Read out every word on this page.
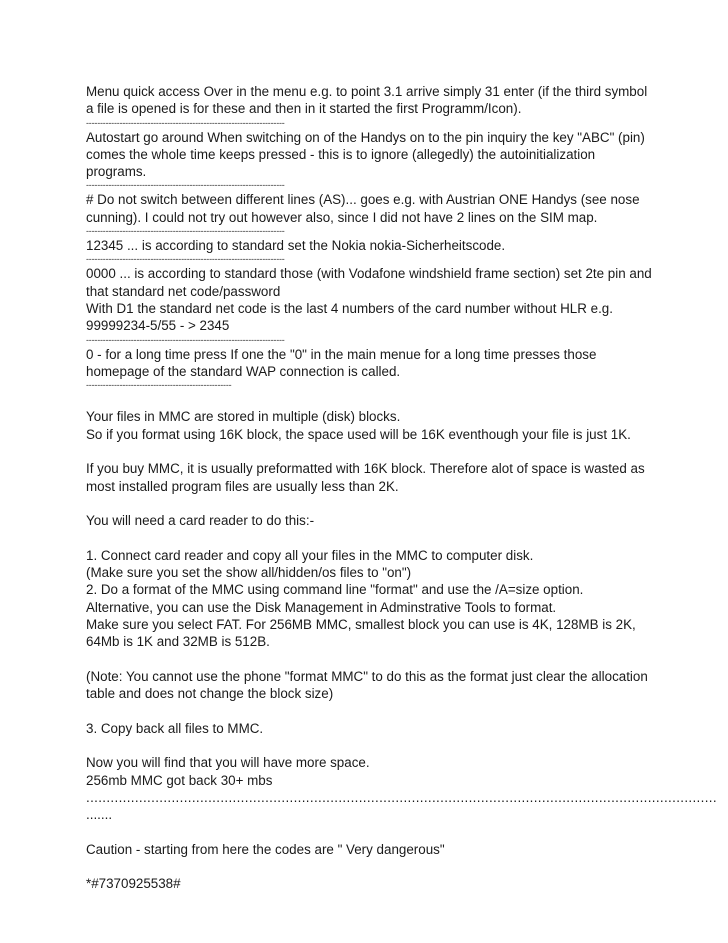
Menu quick access Over in the menu e.g. to point 3.1 arrive simply 31 enter (if the third symbol
a file is opened is for these and then in it started the first Programm/Icon).
-----------------------------------------------------------------------
Autostart go around When switching on of the Handys on to the pin inquiry the key "ABC" (pin)
comes the whole time keeps pressed - this is to ignore (allegedly) the autoinitialization
programs.
-----------------------------------------------------------------------
# Do not switch between different lines (AS)... goes e.g. with Austrian ONE Handys (see nose
cunning). I could not try out however also, since I did not have 2 lines on the SIM map.
-----------------------------------------------------------------------
12345 ... is according to standard set the Nokia nokia-Sicherheitscode.
-----------------------------------------------------------------------
0000 ... is according to standard those (with Vodafone windshield frame section) set 2te pin and
that standard net code/password
With D1 the standard net code is the last 4 numbers of the card number without HLR e.g.
99999234-5/55 - > 2345
-----------------------------------------------------------------------
0 - for a long time press If one the "0" in the main menue for a long time presses those
homepage of the standard WAP connection is called.
----------------------------------------------------
Your files in MMC are stored in multiple (disk) blocks.
So if you format using 16K block, the space used will be 16K eventhough your file is just 1K.
If you buy MMC, it is usually preformatted with 16K block. Therefore alot of space is wasted as
most installed program files are usually less than 2K.
You will need a card reader to do this:-
1. Connect card reader and copy all your files in the MMC to computer disk.
(Make sure you set the show all/hidden/os files to "on")
2. Do a format of the MMC using command line "format" and use the /A=size option.
Alternative, you can use the Disk Management in Adminstrative Tools to format.
Make sure you select FAT. For 256MB MMC, smallest block you can use is 4K, 128MB is 2K,
64Mb is 1K and 32MB is 512B.
(Note: You cannot use the phone "format MMC" to do this as the format just clear the allocation
table and does not change the block size)
3. Copy back all files to MMC.
Now you will find that you will have more space.
256mb MMC got back 30+ mbs
...........................................................................................................................................................
.......
Caution - starting from here the codes are " Very dangerous"
*#7370925538#
